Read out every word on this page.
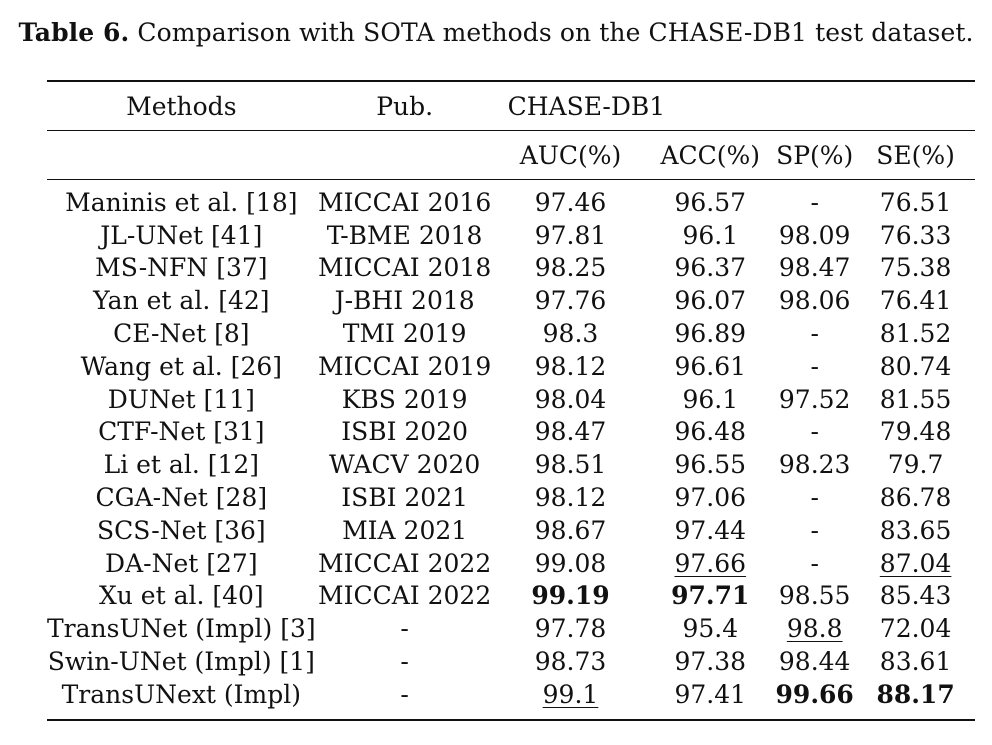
Table 6. Comparison with SOTA methods on the CHASE-DB1 test dataset.
Methods	Pub.	CHASE-DB1			
		AUC(%)	ACC(%)	SP(%)	SE(%)
Maninis et al. [18]	MICCAI 2016	97.46	96.57	-	76.51
JL-UNet [41]	T-BME 2018	97.81	96.1	98.09	76.33
MS-NFN [37]	MICCAI 2018	98.25	96.37	98.47	75.38
Yan et al. [42]	J-BHI 2018	97.76	96.07	98.06	76.41
CE-Net [8]	TMI 2019	98.3	96.89	-	81.52
Wang et al. [26]	MICCAI 2019	98.12	96.61	-	80.74
DUNet [11]	KBS 2019	98.04	96.1	97.52	81.55
CTF-Net [31]	ISBI 2020	98.47	96.48	-	79.48
Li et al. [12]	WACV 2020	98.51	96.55	98.23	79.7
CGA-Net [28]	ISBI 2021	98.12	97.06	-	86.78
SCS-Net [36]	MIA 2021	98.67	97.44	-	83.65
DA-Net [27]	MICCAI 2022	99.08	97.66	-	87.04
Xu et al. [40]	MICCAI 2022	99.19	97.71	98.55	85.43
TransUNet (Impl) [3]	-	97.78	95.4	98.8	72.04
Swin-UNet (Impl) [1]	-	98.73	97.38	98.44	83.61
TransUNext (Impl)	-	99.1	97.41	99.66	88.17
